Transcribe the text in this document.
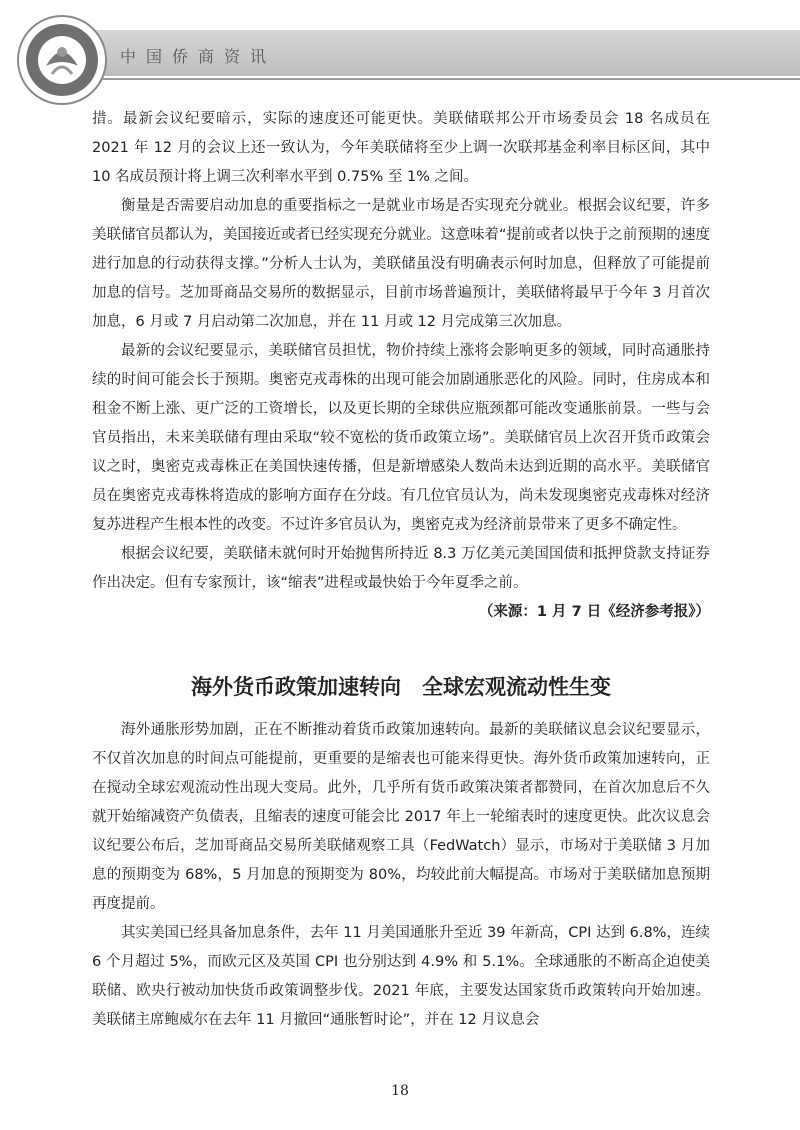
中国侨商资讯

措。最新会议纪要暗示，实际的速度还可能更快。美联储联邦公开市场委员会 18 名成员在 2021 年 12 月的会议上还一致认为，今年美联储将至少上调一次联邦基金利率目标区间，其中 10 名成员预计将上调三次利率水平到 0.75% 至 1% 之间。

衡量是否需要启动加息的重要指标之一是就业市场是否实现充分就业。根据会议纪要，许多美联储官员都认为，美国接近或者已经实现充分就业。这意味着“提前或者以快于之前预期的速度进行加息的行动获得支撑。”分析人士认为，美联储虽没有明确表示何时加息，但释放了可能提前加息的信号。芝加哥商品交易所的数据显示，目前市场普遍预计，美联储将最早于今年 3 月首次加息，6 月或 7 月启动第二次加息，并在 11 月或 12 月完成第三次加息。

最新的会议纪要显示，美联储官员担忧，物价持续上涨将会影响更多的领域，同时高通胀持续的时间可能会长于预期。奥密克戎毒株的出现可能会加剧通胀恶化的风险。同时，住房成本和租金不断上涨、更广泛的工资增长，以及更长期的全球供应瓶颈都可能改变通胀前景。一些与会官员指出，未来美联储有理由采取“较不宽松的货币政策立场”。美联储官员上次召开货币政策会议之时，奥密克戎毒株正在美国快速传播，但是新增感染人数尚未达到近期的高水平。美联储官员在奥密克戎毒株将造成的影响方面存在分歧。有几位官员认为，尚未发现奥密克戎毒株对经济复苏进程产生根本性的改变。不过许多官员认为，奥密克戎为经济前景带来了更多不确定性。

根据会议纪要，美联储未就何时开始抛售所持近 8.3 万亿美元美国国债和抵押贷款支持证券作出决定。但有专家预计，该“缩表”进程或最快始于今年夏季之前。

（来源：1 月 7 日《经济参考报》）

海外货币政策加速转向　全球宏观流动性生变

海外通胀形势加剧，正在不断推动着货币政策加速转向。最新的美联储议息会议纪要显示，不仅首次加息的时间点可能提前，更重要的是缩表也可能来得更快。海外货币政策加速转向，正在搅动全球宏观流动性出现大变局。此外，几乎所有货币政策决策者都赞同，在首次加息后不久就开始缩减资产负债表，且缩表的速度可能会比 2017 年上一轮缩表时的速度更快。此次议息会议纪要公布后，芝加哥商品交易所美联储观察工具（FedWatch）显示，市场对于美联储 3 月加息的预期变为 68%，5 月加息的预期变为 80%，均较此前大幅提高。市场对于美联储加息预期再度提前。

其实美国已经具备加息条件，去年 11 月美国通胀升至近 39 年新高，CPI 达到 6.8%，连续 6 个月超过 5%，而欧元区及英国 CPI 也分别达到 4.9% 和 5.1%。全球通胀的不断高企迫使美联储、欧央行被动加快货币政策调整步伐。2021 年底，主要发达国家货币政策转向开始加速。美联储主席鲍威尔在去年 11 月撤回“通胀暂时论”，并在 12 月议息会

18
